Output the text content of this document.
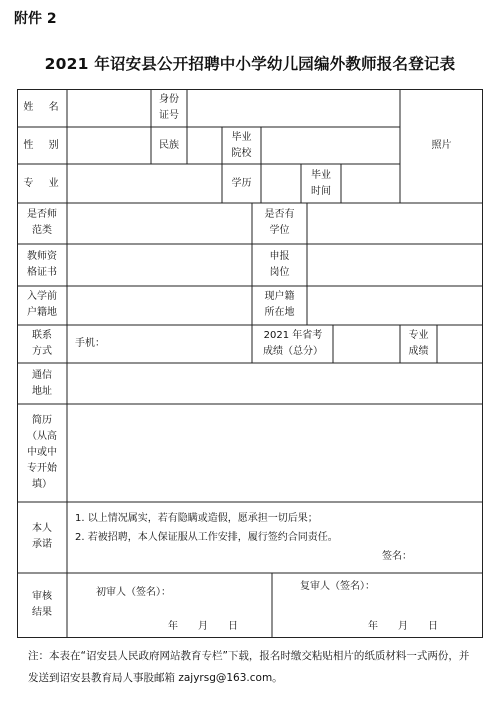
附件 2
2021 年诏安县公开招聘中小学幼儿园编外教师报名登记表
姓 名
身份
证号
性 别	民族
毕业
院校
照片
专 业	学历
毕业
时间
是否师
范类
是否有
学位
教师资
格证书
申报
岗位
入学前
户籍地
现户籍
所在地
联系
方式
手机：
2021 年省考
成绩（总分）
专业
成绩
通信
地址
简历
（从高
中或中
专开始
填）
本人
承诺
1. 以上情况属实，若有隐瞒或造假，愿承担一切后果；
2. 若被招聘，本人保证服从工作安排，履行签约合同责任。
签名：
审核
结果
初审人（签名）：
年　　月　　日
复审人（签名）：
年　　月　　日
注：本表在“诏安县人民政府网站教育专栏”下载，报名时缴交粘贴相片的纸质材料一式两份，并发送到诏安县教育局人事股邮箱 zajyrsg@163.com。
